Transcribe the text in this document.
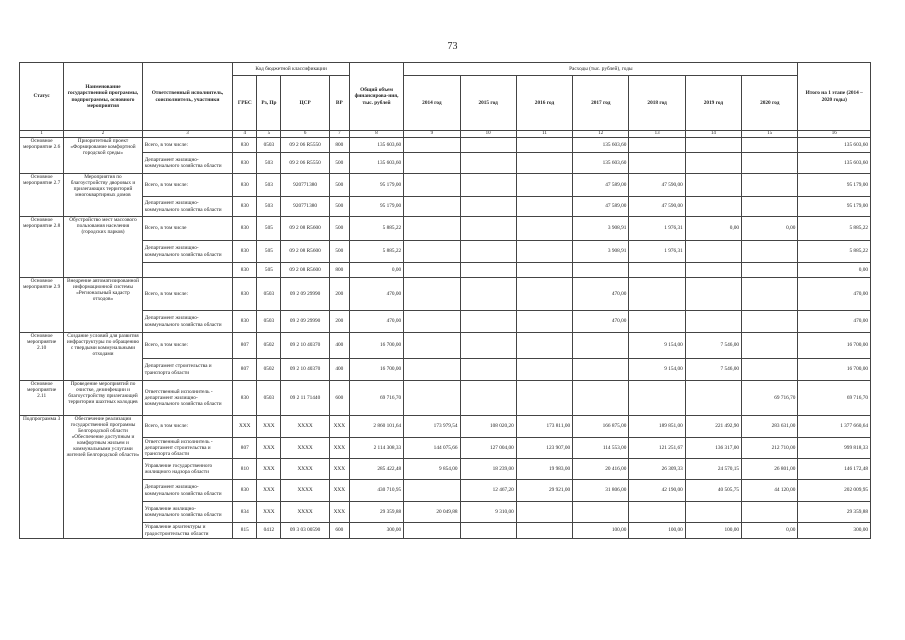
73
Статус	Наименование государственной программы, подпрограммы, основного мероприятия	Ответственный исполнитель, соисполнитель, участники	Код бюджетной классификации				Общий объем финансирова-ния, тыс. рублей	Расходы (тыс. рублей), годы							Итого на 1 этапе (2014 – 2020 годы)
			ГРБС	Рз, Пр	ЦСР	ВР		2014 год	2015 год	2016 год	2017 год	2018 год	2019 год	2020 год	
1	2	3	4	5	6	7	8	9	10	11	12	13	14	15	16
Основное мероприятие 2.6	Приоритетный проект «Формирование комфортной городской среды»	Всего, в том числе:	830	0503	09 2 06 R5550	800	135 603,60				135 603,60				135 603,60
		Департамент жилищно-коммунального хозяйства области	830	503	09 2 06 R5550	500	135 603,60				135 603,60				135 603,60
Основное мероприятие 2.7	Мероприятия по благоустройству дворовых и прилегающих территорий многоквартирных домов	Всего, в том числе:	830	503	920771380	500	95 179,00				47 589,00	47 590,00			95 179,00
		Департамент жилищно-коммунального хозяйства области	830	503	920771380	500	95 179,00				47 589,00	47 590,00			95 179,00
Основное мероприятие 2.8	Обустройство мест массового пользования населения (городских парков)	Всего, в том числе	830	505	09 2 08 R5600	500	5 885,22				3 908,91	1 976,31	0,00	0,00	5 885,22
		Департамент жилищно-коммунального хозяйства области	830	505	09 2 08 R5600	500	5 885,22				3 908,91	1 976,31			5 885,22
			830	505	09 2 08 R5600	800	0,00								0,00
Основное мероприятие 2.9	Внедрение автоматизированной информационной системы «Региональный кадастр отходов»	Всего, в том числе:	830	0503	09 2 09 29990	200	470,00				470,00				470,00
		Департамент жилищно-коммунального хозяйства области	830	0503	09 2 09 29990	200	470,00				470,00				470,00
Основное мероприятие 2.10	Создание условий для развития инфраструктуры по обращению с твердыми коммунальными отходами	Всего, в том числе:	807	0502	09 2 10 40370	400	16 700,00					9 154,00	7 546,00		16 700,00
		Департамент строительства и транспорта области	807	0502	09 2 10 40370	400	16 700,00					9 154,00	7 546,00		16 700,00
Основное мероприятие 2.11	Проведение мероприятий по очистке, дезинфекции и благоустройству прилегающей территории шахтных колодцев	Ответственный исполнитель - департамент жилищно-коммунального хозяйства области	830	0503	09 2 11 71440	600	69 716,70							69 716,70	69 716,70
Подпрограмма 3	Обеспечение реализации государственной программы Белгородской области «Обеспечение доступным и комфортным жильем и коммунальными услугами жителей Белгородской области»	Всего, в том числе:	XXX	XXX	XXXX	XXX	2 860 101,64	173 979,54	108 020,20	173 811,00	166 875,00	189 851,00	221 492,90	283 631,00	1 377 660,64
		Ответственный исполнитель - департамент строительства и транспорта области	807	XXX	XXXX	XXX	2 114 308,33	144 075,66	127 004,00	123 907,00	114 553,00	121 251,67	136 317,00	212 710,00	999 818,33
		Управление государственного жилищного надзора области	810	XXX	XXXX	XXX	285 422,48	9 854,00	18 239,00	19 983,00	20 416,00	26 309,33	24 570,15	26 801,00	146 172,48
		Департамент жилищно-коммунального хозяйства области	830	XXX	XXXX	XXX	430 710,95		12 467,20	29 921,00	31 806,00	42 190,00	40 505,75	44 120,00	202 009,95
		Управление жилищно-коммунального хозяйства области	834	XXX	XXXX	XXX	29 359,88	20 049,88	9 310,00						29 359,88
		Управление архитектуры и градостроительства области	815	0412	09 3 03 00590	600	300,00				100,00	100,00	100,00	0,00	300,00
